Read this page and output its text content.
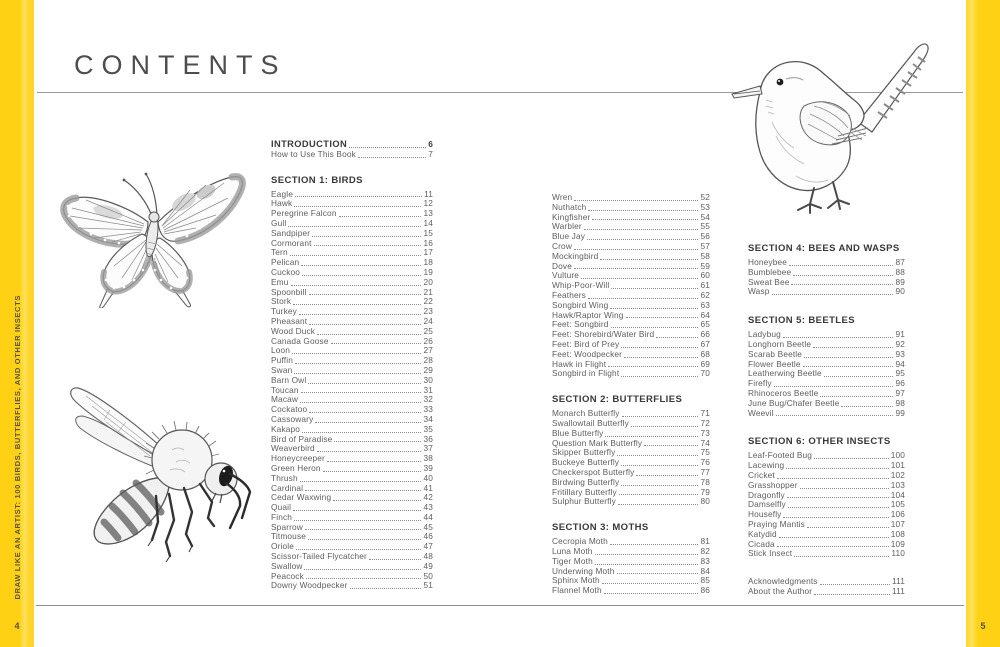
DRAW LIKE AN ARTIST: 100 BIRDS, BUTTERFLIES, AND OTHER INSECTS
4	5
CONTENTS
INTRODUCTION	6
How to Use This Book	7
SECTION 1: BIRDS
Eagle	11
Hawk	12
Peregrine Falcon	13
Gull	14
Sandpiper	15
Cormorant	16
Tern	17
Pelican	18
Cuckoo	19
Emu	20
Spoonbill	21
Stork	22
Turkey	23
Pheasant	24
Wood Duck	25
Canada Goose	26
Loon	27
Puffin	28
Swan	29
Barn Owl	30
Toucan	31
Macaw	32
Cockatoo	33
Cassowary	34
Kakapo	35
Bird of Paradise	36
Weaverbird	37
Honeycreeper	38
Green Heron	39
Thrush	40
Cardinal	41
Cedar Waxwing	42
Quail	43
Finch	44
Sparrow	45
Titmouse	46
Oriole	47
Scissor-Tailed Flycatcher	48
Swallow	49
Peacock	50
Downy Woodpecker	51
Wren	52
Nuthatch	53
Kingfisher	54
Warbler	55
Blue Jay	56
Crow	57
Mockingbird	58
Dove	59
Vulture	60
Whip-Poor-Will	61
Feathers	62
Songbird Wing	63
Hawk/Raptor Wing	64
Feet: Songbird	65
Feet: Shorebird/Water Bird	66
Feet: Bird of Prey	67
Feet: Woodpecker	68
Hawk in Flight	69
Songbird in Flight	70
SECTION 2: BUTTERFLIES
Monarch Butterfly	71
Swallowtail Butterfly	72
Blue Butterfly	73
Question Mark Butterfly	74
Skipper Butterfly	75
Buckeye Butterfly	76
Checkerspot Butterfly	77
Birdwing Butterfly	78
Fritillary Butterfly	79
Sulphur Butterfly	80
SECTION 3: MOTHS
Cecropia Moth	81
Luna Moth	82
Tiger Moth	83
Underwing Moth	84
Sphinx Moth	85
Flannel Moth	86
SECTION 4: BEES AND WASPS
Honeybee	87
Bumblebee	88
Sweat Bee	89
Wasp	90
SECTION 5: BEETLES
Ladybug	91
Longhorn Beetle	92
Scarab Beetle	93
Flower Beetle	94
Leatherwing Beetle	95
Firefly	96
Rhinoceros Beetle	97
June Bug/Chafer Beetle	98
Weevil	99
SECTION 6: OTHER INSECTS
Leaf-Footed Bug	100
Lacewing	101
Cricket	102
Grasshopper	103
Dragonfly	104
Damselfly	105
Housefly	106
Praying Mantis	107
Katydid	108
Cicada	109
Stick Insect	110
Acknowledgments	111
About the Author	111
